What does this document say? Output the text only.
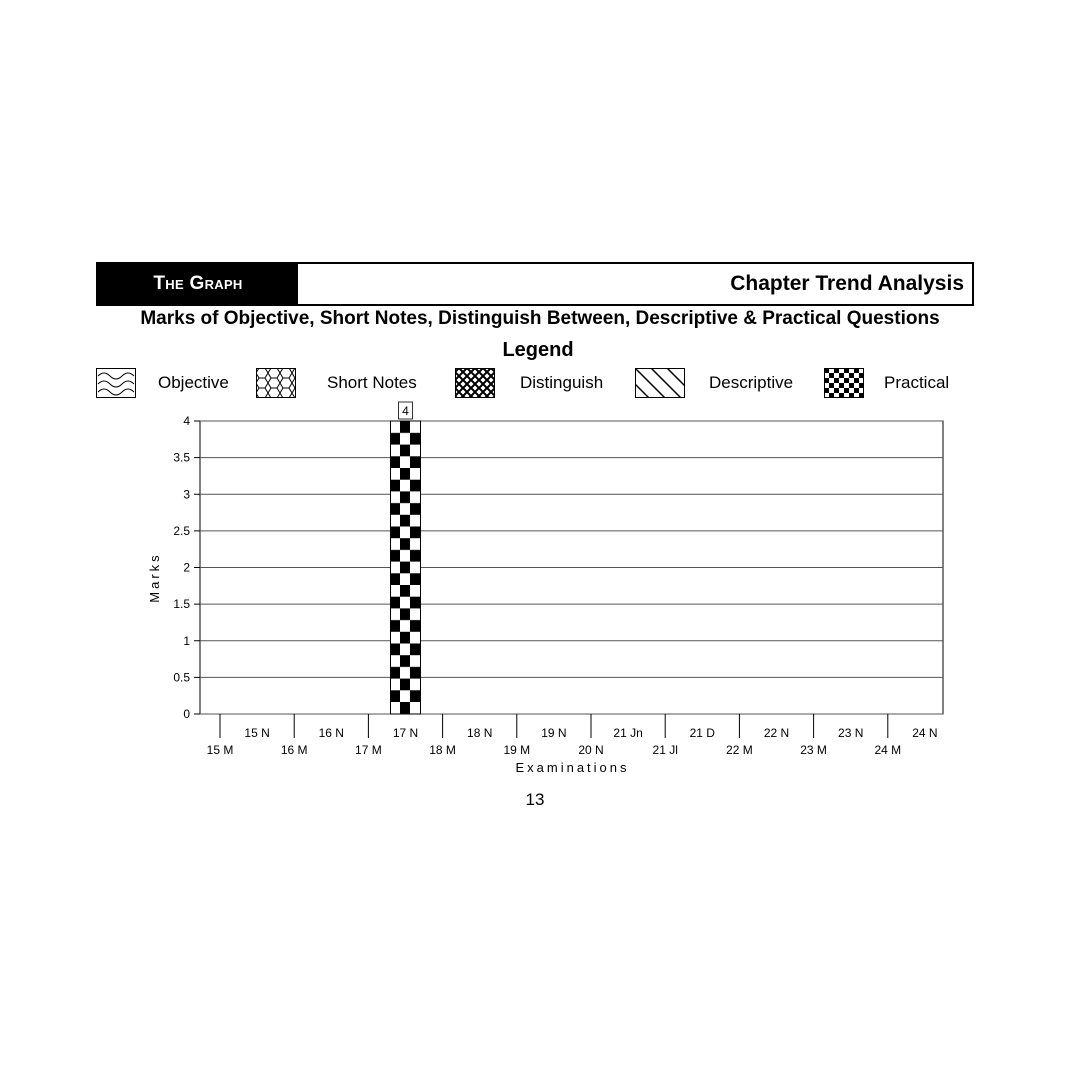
The Graph	Chapter Trend Analysis
Marks of Objective, Short Notes, Distinguish Between, Descriptive & Practical Questions
Legend
Objective	Short Notes	Distinguish	Descriptive	Practical
0
0.5
1
1.5
2
2.5
3
3.5
4
15 M
15 N
16 M
16 N
17 M
17 N
18 M
18 N
19 M
19 N
20 N
21 Jn
21 Jl
21 D
22 M
22 N
23 M
23 N
24 M
24 N
4
Examinations
Marks
13
